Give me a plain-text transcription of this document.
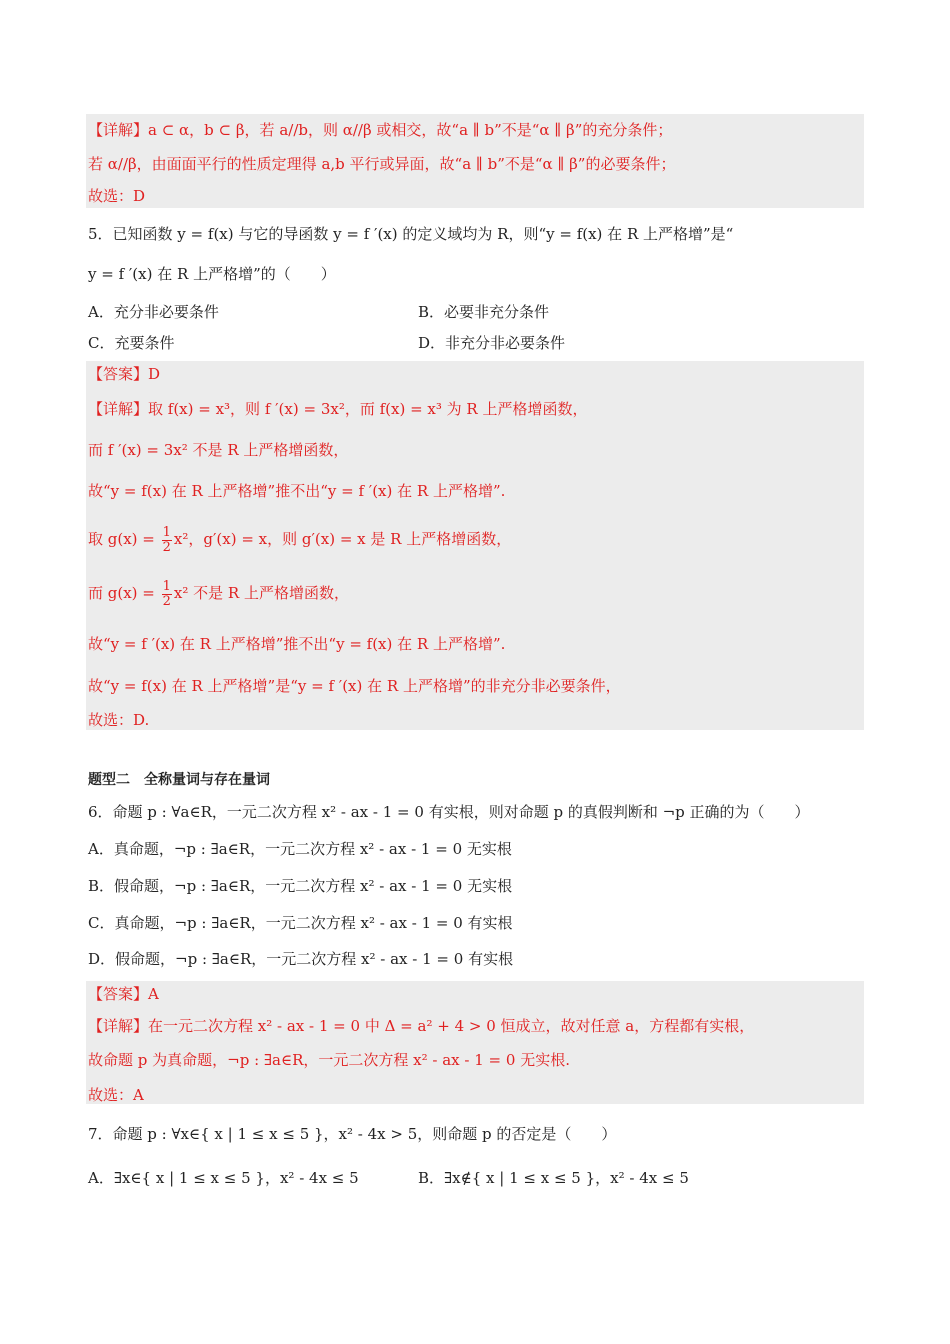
【详解】a ⊂ α，b ⊂ β，若 a//b，则 α//β 或相交，故“a ∥ b”不是“α ∥ β”的充分条件；
若 α//β，由面面平行的性质定理得 a,b 平行或异面，故“a ∥ b”不是“α ∥ β”的必要条件；
故选：D
5．已知函数 y = f(x) 与它的导函数 y = f ′(x) 的定义域均为 R，则“y = f(x) 在 R 上严格增”是“
y = f ′(x) 在 R 上严格增”的（　　）
A．充分非必要条件	B．必要非充分条件
C．充要条件	D．非充分非必要条件
【答案】D
【详解】取 f(x) = x³，则 f ′(x) = 3x²，而 f(x) = x³ 为 R 上严格增函数，
而 f ′(x) = 3x² 不是 R 上严格增函数，
故“y = f(x) 在 R 上严格增”推不出“y = f ′(x) 在 R 上严格增”.
取 $g(x) = \frac{1}{2} x^2$，g′(x) = x，则 g′(x) = x 是 R 上严格增函数，
而 $g(x) = \frac{1}{2} x^2$ 不是 R 上严格增函数，
故“y = f ′(x) 在 R 上严格增”推不出“y = f(x) 在 R 上严格增”.
故“y = f(x) 在 R 上严格增”是“y = f ′(x) 在 R 上严格增”的非充分非必要条件，
故选：D.
题型二　全称量词与存在量词
6．命题 p : ∀a∈R，一元二次方程 x² - ax - 1 = 0 有实根，则对命题 p 的真假判断和 ¬p 正确的为（　　）
A．真命题，¬p : ∃a∈R，一元二次方程 x² - ax - 1 = 0 无实根
B．假命题，¬p : ∃a∈R，一元二次方程 x² - ax - 1 = 0 无实根
C．真命题，¬p : ∃a∈R，一元二次方程 x² - ax - 1 = 0 有实根
D．假命题，¬p : ∃a∈R，一元二次方程 x² - ax - 1 = 0 有实根
【答案】A
【详解】在一元二次方程 x² - ax - 1 = 0 中 Δ = a² + 4 > 0 恒成立，故对任意 a，方程都有实根，
故命题 p 为真命题，¬p : ∃a∈R，一元二次方程 x² - ax - 1 = 0 无实根.
故选：A
7．命题 p : ∀x∈{ x | 1 ≤ x ≤ 5 }，x² - 4x > 5，则命题 p 的否定是（　　）
A．∃x∈{ x | 1 ≤ x ≤ 5 }，x² - 4x ≤ 5	B．∃x∉{ x | 1 ≤ x ≤ 5 }，x² - 4x ≤ 5
